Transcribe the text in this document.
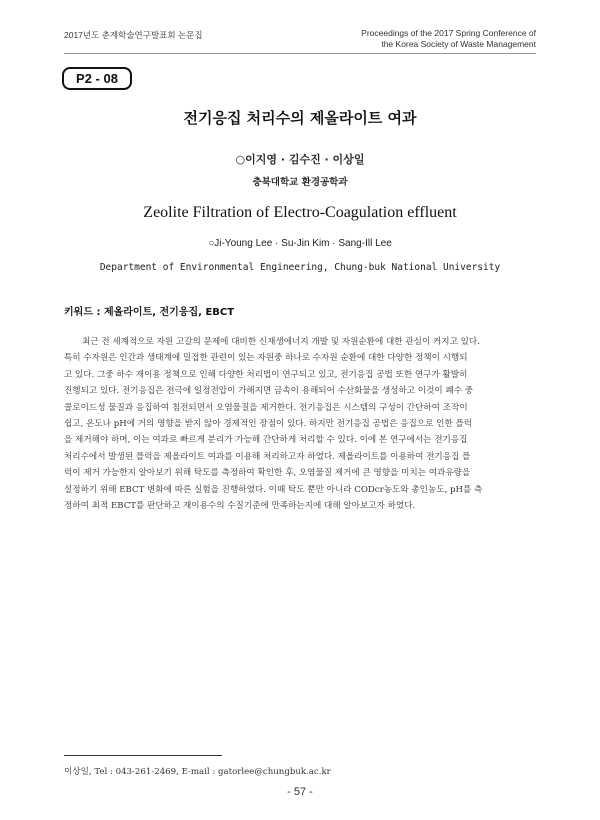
2017년도 춘계학술연구발표회 논문집	Proceedings of the 2017 Spring Conference of
the Korea Society of Waste Management
P2 - 08
전기응집 처리수의 제올라이트 여과
○이지영 · 김수진 · 이상일
충북대학교 환경공학과
Zeolite Filtration of Electro-Coagulation effluent
○Ji-Young Lee · Su-Jin Kim · Sang-Ill Lee
Department of Environmental Engineering, Chung-buk National University
키워드 : 제올라이트, 전기응집, EBCT
최근 전 세계적으로 자원 고갈의 문제에 대비한 신재생에너지 개발 및 자원순환에 대한 관심이 커지고 있다.
특히 수자원은 인간과 생태계에 밀접한 관련이 있는 자원중 하나로 수자원 순환에 대한 다양한 정책이 시행되
고 있다. 그중 하수 재이용 정책으로 인해 다양한 처리법이 연구되고 있고, 전기응집 공법 또한 연구가 활발히
진행되고 있다. 전기응집은 전극에 일정전압이 가해지면 금속이 용해되어 수산화물을 생성하고 이것이 폐수 중
콜로이드성 물질과 응집하여 침전되면서 오염물질을 제거한다. 전기응집은 시스템의 구성이 간단하여 조작이
쉽고, 온도나 pH에 거의 영향을 받지 않아 경제적인 장점이 있다. 하지만 전기응집 공법은 응집으로 인한 플럭
을 제거해야 하며, 이는 여과로 빠르게 분리가 가능해 간단하게 처리할 수 있다. 이에 본 연구에서는 전기응집
처리수에서 발생된 플럭을 제올라이트 여과를 이용해 처리하고자 하였다. 제올라이트를 이용하여 전기응집 플
럭이 제거 가능한지 알아보기 위해 탁도를 측정하여 확인한 후, 오염물질 제거에 큰 영향을 미치는 여과유량을
설정하기 위해 EBCT 변화에 따른 실험을 진행하였다. 이때 탁도 뿐만 아니라 CODcr농도와 총인농도, pH를 측
정하여 최적 EBCT를 판단하고 재이용수의 수질기준에 만족하는지에 대해 알아보고자 하였다.
이상일, Tel : 043-261-2469, E-mail : gatorlee@chungbuk.ac.kr
- 57 -
